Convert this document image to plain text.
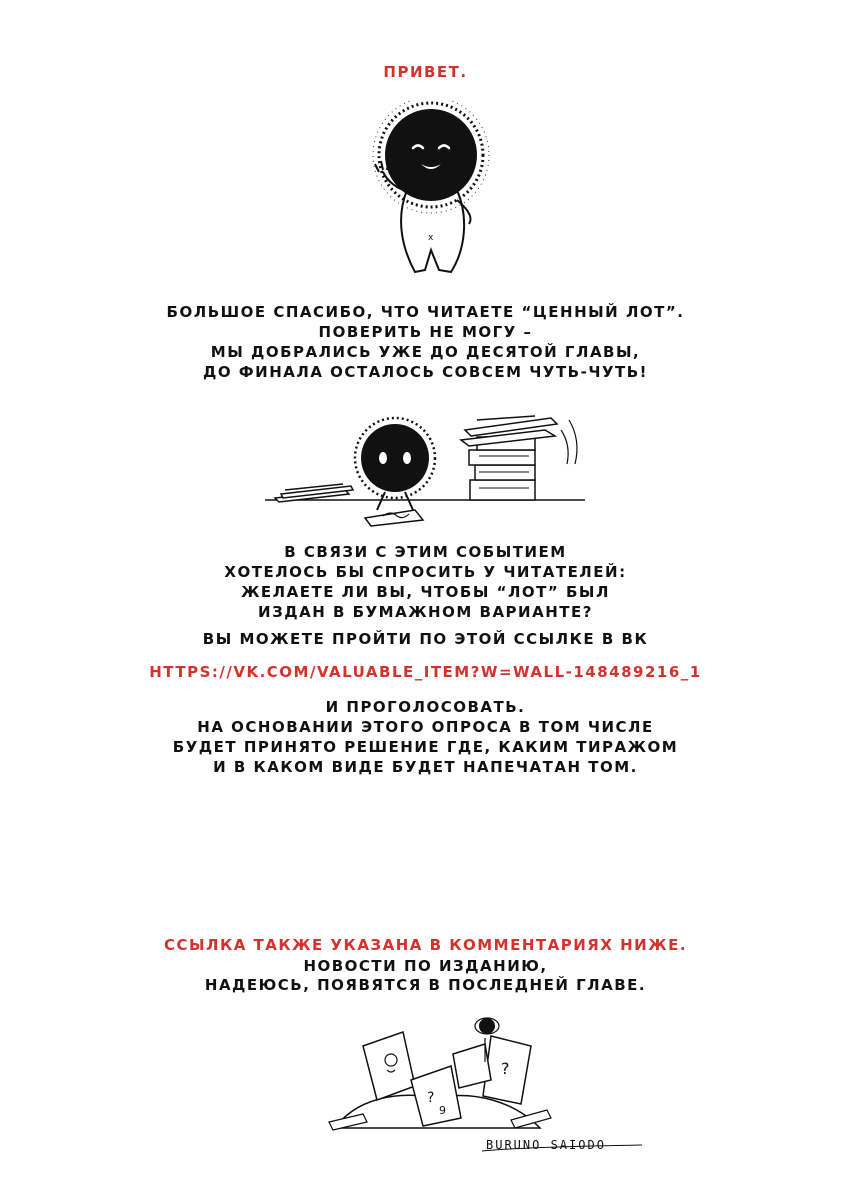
ПРИВЕТ.

x

БОЛЬШОЕ СПАСИБО, ЧТО ЧИТАЕТЕ “ЦЕННЫЙ ЛОТ”.

ПОВЕРИТЬ НЕ МОГУ –

МЫ ДОБРАЛИСЬ УЖЕ ДО ДЕСЯТОЙ ГЛАВЫ,

ДО ФИНАЛА ОСТАЛОСЬ СОВСЕМ ЧУТЬ-ЧУТЬ!

В СВЯЗИ С ЭТИМ СОБЫТИЕМ

ХОТЕЛОСЬ БЫ СПРОСИТЬ У ЧИТАТЕЛЕЙ:

ЖЕЛАЕТЕ ЛИ ВЫ, ЧТОБЫ “ЛОТ” БЫЛ

ИЗДАН В БУМАЖНОМ ВАРИАНТЕ?

ВЫ МОЖЕТЕ ПРОЙТИ ПО ЭТОЙ ССЫЛКЕ В ВК

HTTPS://VK.COM/VALUABLE_ITEM?W=WALL-148489216_1

И ПРОГОЛОСОВАТЬ.

НА ОСНОВАНИИ ЭТОГО ОПРОСА В ТОМ ЧИСЛЕ

БУДЕТ ПРИНЯТО РЕШЕНИЕ ГДЕ, КАКИМ ТИРАЖОМ

И В КАКОМ ВИДЕ БУДЕТ НАПЕЧАТАН ТОМ.

ССЫЛКА ТАКЖЕ УКАЗАНА В КОММЕНТАРИЯХ НИЖЕ.

НОВОСТИ ПО ИЗДАНИЮ,

НАДЕЮСЬ, ПОЯВЯТСЯ В ПОСЛЕДНЕЙ ГЛАВЕ.

?
9
?
BURUNO SAIODO
